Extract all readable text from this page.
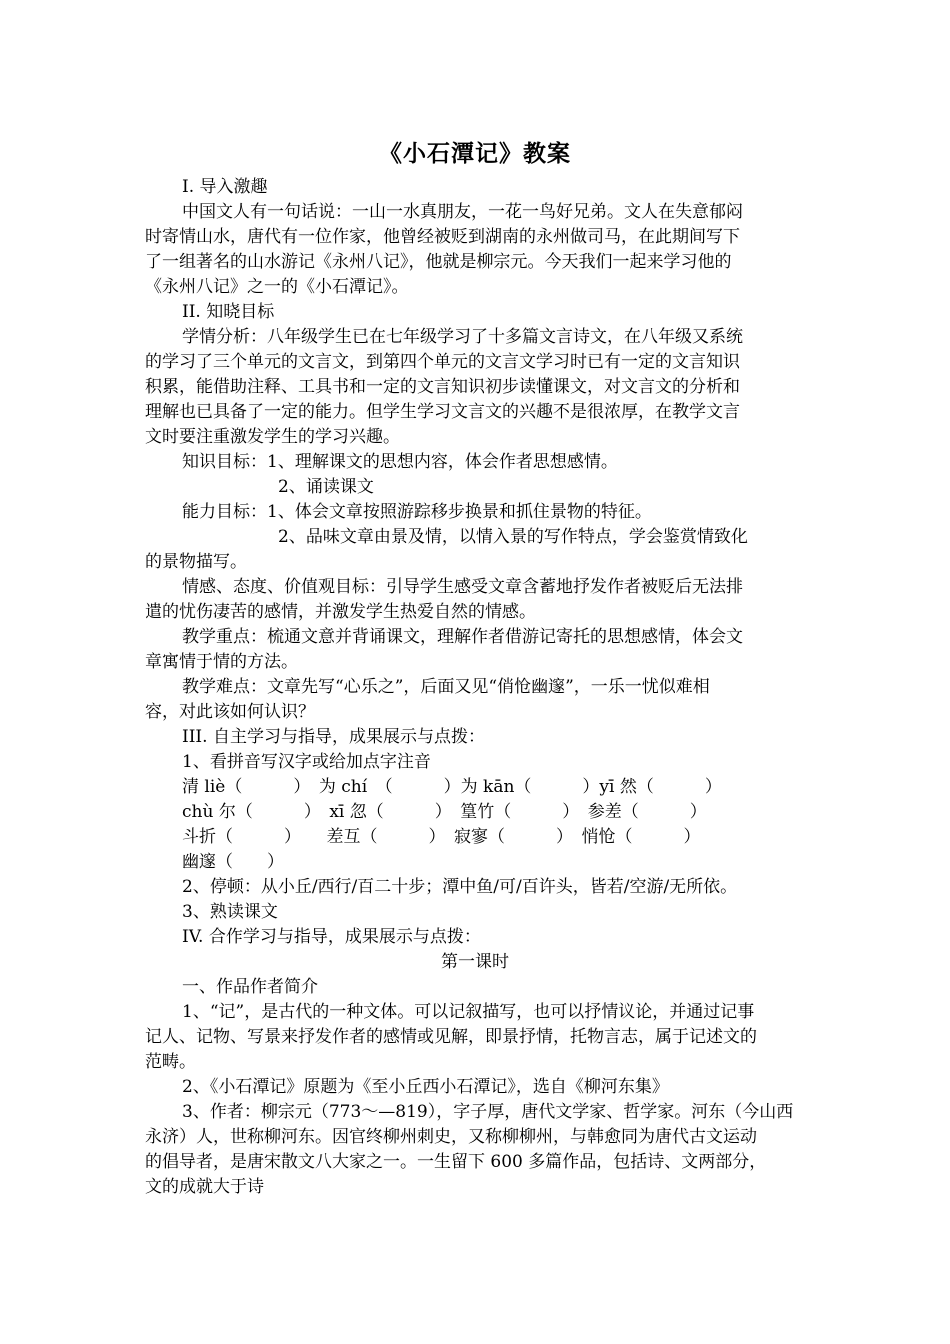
《小石潭记》教案
I. 导入激趣
中国文人有一句话说：一山一水真朋友，一花一鸟好兄弟。文人在失意郁闷
时寄情山水，唐代有一位作家，他曾经被贬到湖南的永州做司马，在此期间写下
了一组著名的山水游记《永州八记》，他就是柳宗元。今天我们一起来学习他的
《永州八记》之一的《小石潭记》。
II. 知晓目标
学情分析：八年级学生已在七年级学习了十多篇文言诗文，在八年级又系统
的学习了三个单元的文言文，到第四个单元的文言文学习时已有一定的文言知识
积累，能借助注释、工具书和一定的文言知识初步读懂课文，对文言文的分析和
理解也已具备了一定的能力。但学生学习文言文的兴趣不是很浓厚，在教学文言
文时要注重激发学生的学习兴趣。
知识目标：1、理解课文的思想内容，体会作者思想感情。
2、诵读课文
能力目标：1、体会文章按照游踪移步换景和抓住景物的特征。
2、品味文章由景及情，以情入景的写作特点，学会鉴赏情致化
的景物描写。
情感、态度、价值观目标：引导学生感受文章含蓄地抒发作者被贬后无法排
遣的忧伤凄苦的感情，并激发学生热爱自然的情感。
教学重点：梳通文意并背诵课文，理解作者借游记寄托的思想感情，体会文
章寓情于情的方法。
教学难点：文章先写“心乐之”，后面又见“俏怆幽邃”，一乐一忧似难相
容，对此该如何认识？
III. 自主学习与指导，成果展示与点拨：
1、看拼音写汉字或给加点字注音
清 liè（　　　）　为 chí　（　　　）为 kān（　　　）yī 然（　　　）
chù 尔（　　　）　xī 忽（　　　）　篁竹（　　　）　参差（　　　）
斗折（　　　）　　差互（　　　）　寂寥（　　　）　悄怆（　　　）
幽邃（　　）
2、停顿：从小丘/西行/百二十步；潭中鱼/可/百许头，皆若/空游/无所依。
3、熟读课文
IV. 合作学习与指导，成果展示与点拨：
第一课时
一、作品作者简介
1、“记”，是古代的一种文体。可以记叙描写，也可以抒情议论，并通过记事
记人、记物、写景来抒发作者的感情或见解，即景抒情，托物言志，属于记述文的
范畴。
2、《小石潭记》原题为《至小丘西小石潭记》，选自《柳河东集》
3、作者：柳宗元（773～—819），字子厚，唐代文学家、哲学家。河东（今山西
永济）人，世称柳河东。因官终柳州刺史，又称柳柳州，与韩愈同为唐代古文运动
的倡导者，是唐宋散文八大家之一。一生留下 600 多篇作品，包括诗、文两部分，
文的成就大于诗
